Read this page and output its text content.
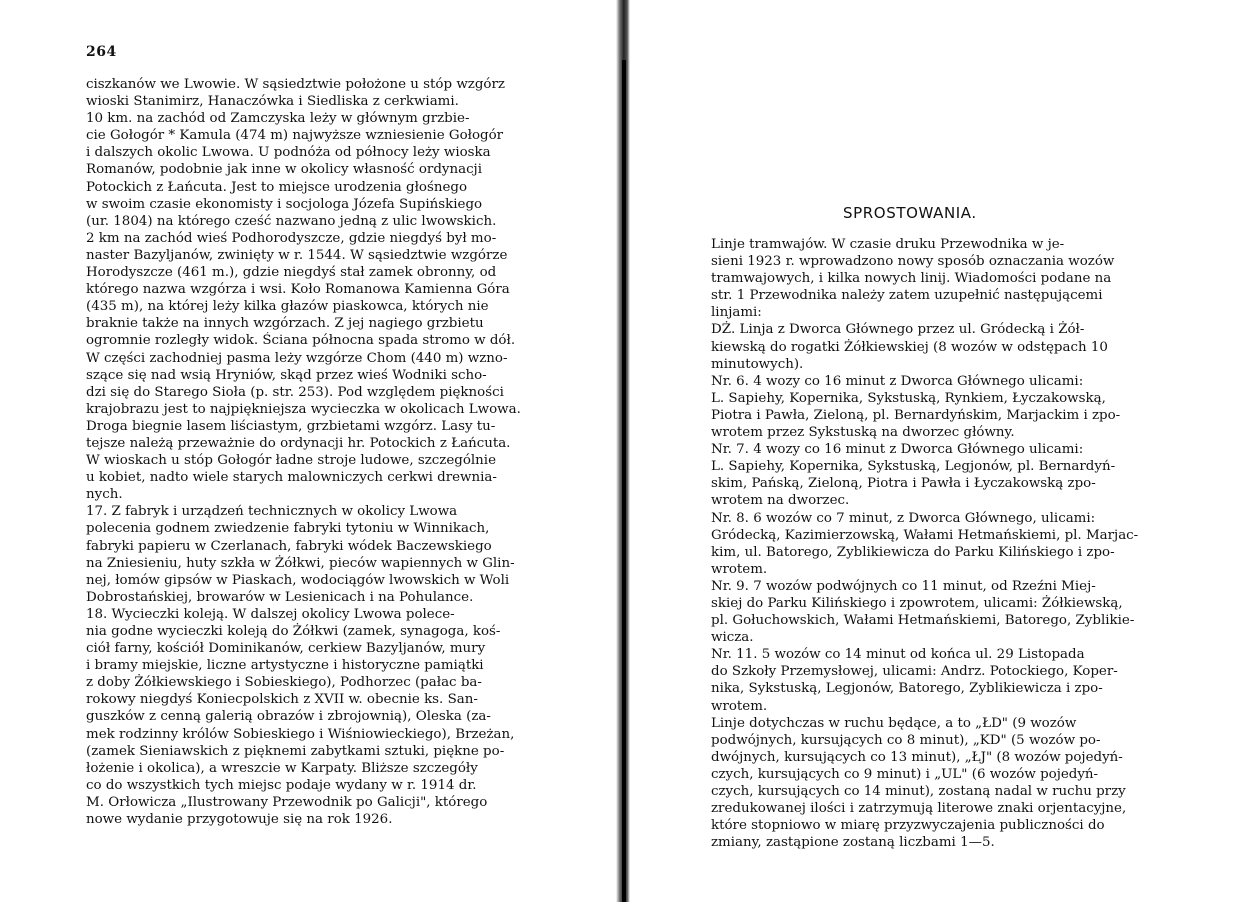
264
ciszkanów we Lwowie. W sąsiedztwie położone u stóp wzgórz
wioski Stanimirz, Hanaczówka i Siedliska z cerkwiami.
10 km. na zachód od Zamczyska leży w głównym grzbie-
cie Gołogór * Kamula (474 m) najwyższe wzniesienie Gołogór
i dalszych okolic Lwowa. U podnóża od północy leży wioska
Romanów, podobnie jak inne w okolicy własność ordynacji
Potockich z Łańcuta. Jest to miejsce urodzenia głośnego
w swoim czasie ekonomisty i socjologa Józefa Supińskiego
(ur. 1804) na którego cześć nazwano jedną z ulic lwowskich.
2 km na zachód wieś Podhorodyszcze, gdzie niegdyś był mo-
naster Bazyljanów, zwinięty w r. 1544. W sąsiedztwie wzgórze
Horodyszcze (461 m.), gdzie niegdyś stał zamek obronny, od
którego nazwa wzgórza i wsi. Koło Romanowa Kamienna Góra
(435 m), na której leży kilka głazów piaskowca, których nie
braknie także na innych wzgórzach. Z jej nagiego grzbietu
ogromnie rozległy widok. Ściana północna spada stromo w dół.
W części zachodniej pasma leży wzgórze Chom (440 m) wzno-
szące się nad wsią Hryniów, skąd przez wieś Wodniki scho-
dzi się do Starego Sioła (p. str. 253). Pod względem piękności
krajobrazu jest to najpiękniejsza wycieczka w okolicach Lwowa.
Droga biegnie lasem liściastym, grzbietami wzgórz. Lasy tu-
tejsze należą przeważnie do ordynacji hr. Potockich z Łańcuta.
W wioskach u stóp Gołogór ładne stroje ludowe, szczególnie
u kobiet, nadto wiele starych malowniczych cerkwi drewnia-
nych.
17. Z fabryk i urządzeń technicznych w okolicy Lwowa
polecenia godnem zwiedzenie fabryki tytoniu w Winnikach,
fabryki papieru w Czerlanach, fabryki wódek Baczewskiego
na Zniesieniu, huty szkła w Żółkwi, pieców wapiennych w Glin-
nej, łomów gipsów w Piaskach, wodociągów lwowskich w Woli
Dobrostańskiej, browarów w Lesienicach i na Pohulance.
18. Wycieczki koleją. W dalszej okolicy Lwowa polece-
nia godne wycieczki koleją do Żółkwi (zamek, synagoga, koś-
ciół farny, kościół Dominikanów, cerkiew Bazyljanów, mury
i bramy miejskie, liczne artystyczne i historyczne pamiątki
z doby Żółkiewskiego i Sobieskiego), Podhorzec (pałac ba-
rokowy niegdyś Koniecpolskich z XVII w. obecnie ks. San-
guszków z cenną galerią obrazów i zbrojownią), Oleska (za-
mek rodzinny królów Sobieskiego i Wiśniowieckiego), Brzeżan,
(zamek Sieniawskich z pięknemi zabytkami sztuki, piękne po-
łożenie i okolica), a wreszcie w Karpaty. Bliższe szczegóły
co do wszystkich tych miejsc podaje wydany w r. 1914 dr.
M. Orłowicza „Ilustrowany Przewodnik po Galicji", którego
nowe wydanie przygotowuje się na rok 1926.
SPROSTOWANIA.
Linje tramwajów. W czasie druku Przewodnika w je-
sieni 1923 r. wprowadzono nowy sposób oznaczania wozów
tramwajowych, i kilka nowych linij. Wiadomości podane na
str. 1 Przewodnika należy zatem uzupełnić następującemi
linjami:
DŻ. Linja z Dworca Głównego przez ul. Gródecką i Żół-
kiewską do rogatki Żółkiewskiej (8 wozów w odstępach 10
minutowych).
Nr. 6. 4 wozy co 16 minut z Dworca Głównego ulicami:
L. Sapiehy, Kopernika, Sykstuską, Rynkiem, Łyczakowską,
Piotra i Pawła, Zieloną, pl. Bernardyńskim, Marjackim i zpo-
wrotem przez Sykstuską na dworzec główny.
Nr. 7. 4 wozy co 16 minut z Dworca Głównego ulicami:
L. Sapiehy, Kopernika, Sykstuską, Legjonów, pl. Bernardyń-
skim, Pańską, Zieloną, Piotra i Pawła i Łyczakowską zpo-
wrotem na dworzec.
Nr. 8. 6 wozów co 7 minut, z Dworca Głównego, ulicami:
Gródecką, Kazimierzowską, Wałami Hetmańskiemi, pl. Marjac-
kim, ul. Batorego, Zyblikiewicza do Parku Kilińskiego i zpo-
wrotem.
Nr. 9. 7 wozów podwójnych co 11 minut, od Rzeźni Miej-
skiej do Parku Kilińskiego i zpowrotem, ulicami: Żółkiewską,
pl. Gołuchowskich, Wałami Hetmańskiemi, Batorego, Zyblikie-
wicza.
Nr. 11. 5 wozów co 14 minut od końca ul. 29 Listopada
do Szkoły Przemysłowej, ulicami: Andrz. Potockiego, Koper-
nika, Sykstuską, Legjonów, Batorego, Zyblikiewicza i zpo-
wrotem.
Linje dotychczas w ruchu będące, a to „ŁD" (9 wozów
podwójnych, kursujących co 8 minut), „KD" (5 wozów po-
dwójnych, kursujących co 13 minut), „ŁJ" (8 wozów pojedyń-
czych, kursujących co 9 minut) i „UL" (6 wozów pojedyń-
czych, kursujących co 14 minut), zostaną nadal w ruchu przy
zredukowanej ilości i zatrzymują literowe znaki orjentacyjne,
które stopniowo w miarę przyzwyczajenia publiczności do
zmiany, zastąpione zostaną liczbami 1—5.
